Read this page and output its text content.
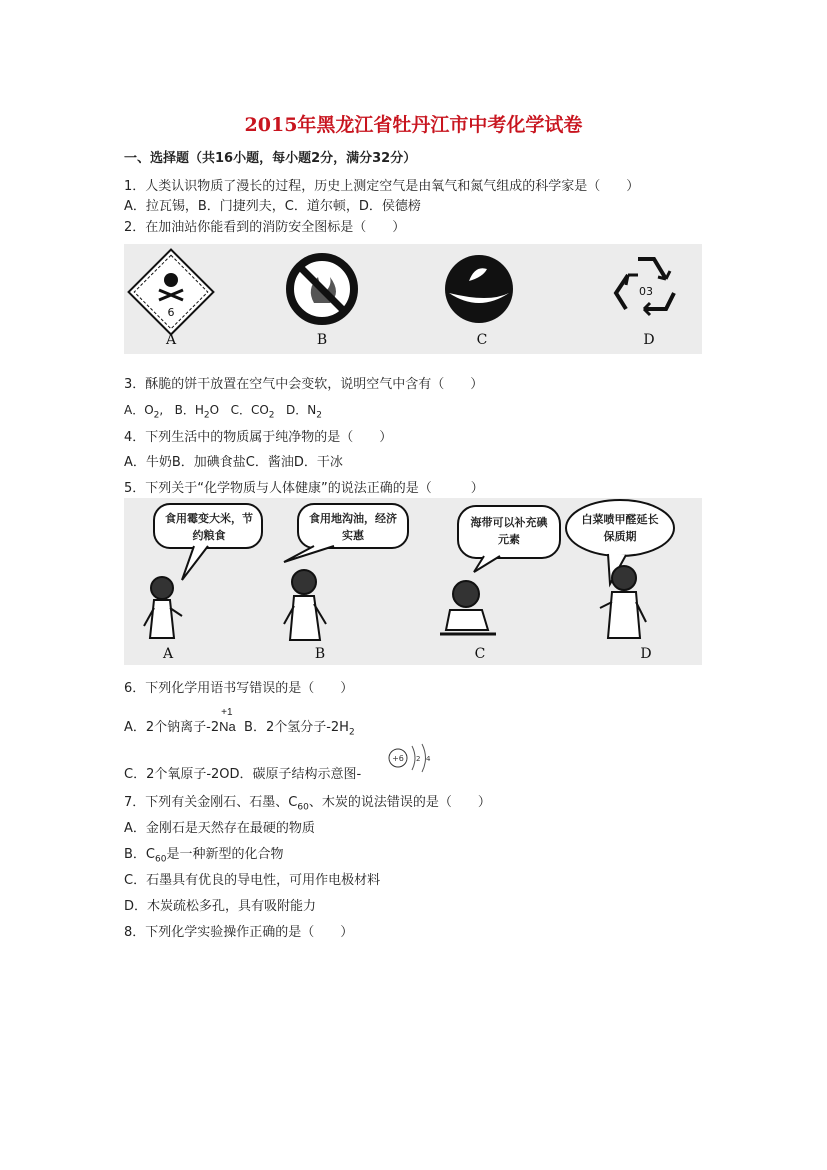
2015年黑龙江省牡丹江市中考化学试卷
一、选择题（共16小题，每小题2分，满分32分）
1．人类认识物质了漫长的过程，历史上测定空气是由氧气和氮气组成的科学家是（　　）
A．拉瓦锡，B．门捷列夫，C．道尔顿，D．侯德榜
2．在加油站你能看到的消防安全图标是（　　）
6
A	B	C
03
D
3．酥脆的饼干放置在空气中会变软，说明空气中含有（　　）
A．$O_2$,   B．$H_2O$ C．$CO_2$ D．$N_2$
4．下列生活中的物质属于纯净物的是（　　）
A．牛奶B．加碘食盐C．酱油D．干冰
5．下列关于“化学物质与人体健康”的说法正确的是（　　　）
食用霉变大米，节约粮食
食用地沟油，经济实惠
海带可以补充碘元素
白菜喷甲醛延长保质期
A	B	C	D
6．下列化学用语书写错误的是（　　）
A．2个钠离子-2
+1
Na B．2个氢分子$-2H_2$
C．2个氧原子-2OD．碳原子结构示意图-
+6 2 4
7．下列有关金刚石、石墨、$C_{60}$、木炭的说法错误的是（　　）
A．金刚石是天然存在最硬的物质
B．$C_{60}$是一种新型的化合物
C．石墨具有优良的导电性，可用作电极材料
D．木炭疏松多孔，具有吸附能力
8．下列化学实验操作正确的是（　　）
